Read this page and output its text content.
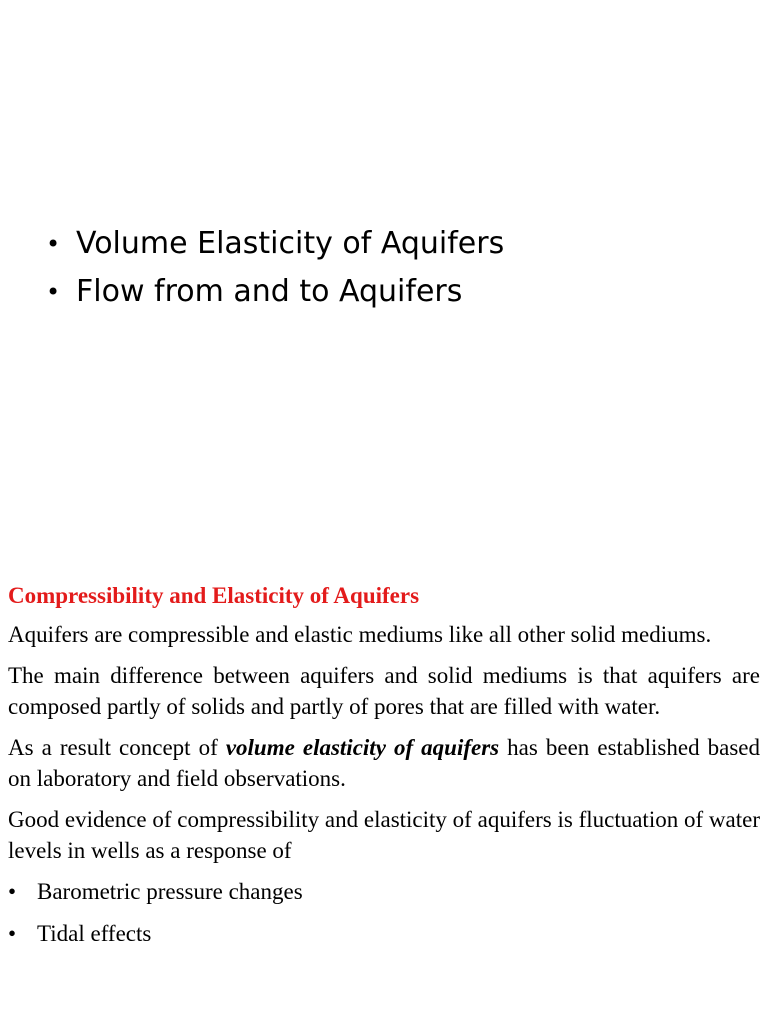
• Volume Elasticity of Aquifers
• Flow from and to Aquifers

Compressibility and Elasticity of Aquifers

Aquifers are compressible and elastic mediums like all other solid mediums.

The main difference between aquifers and solid mediums is that aquifers are composed partly of solids and partly of pores that are filled with water.

As a result concept of volume elasticity of aquifers has been established based on laboratory and field observations.

Good evidence of compressibility and elasticity of aquifers is fluctuation of water levels in wells as a response of

• Barometric pressure changes
• Tidal effects
